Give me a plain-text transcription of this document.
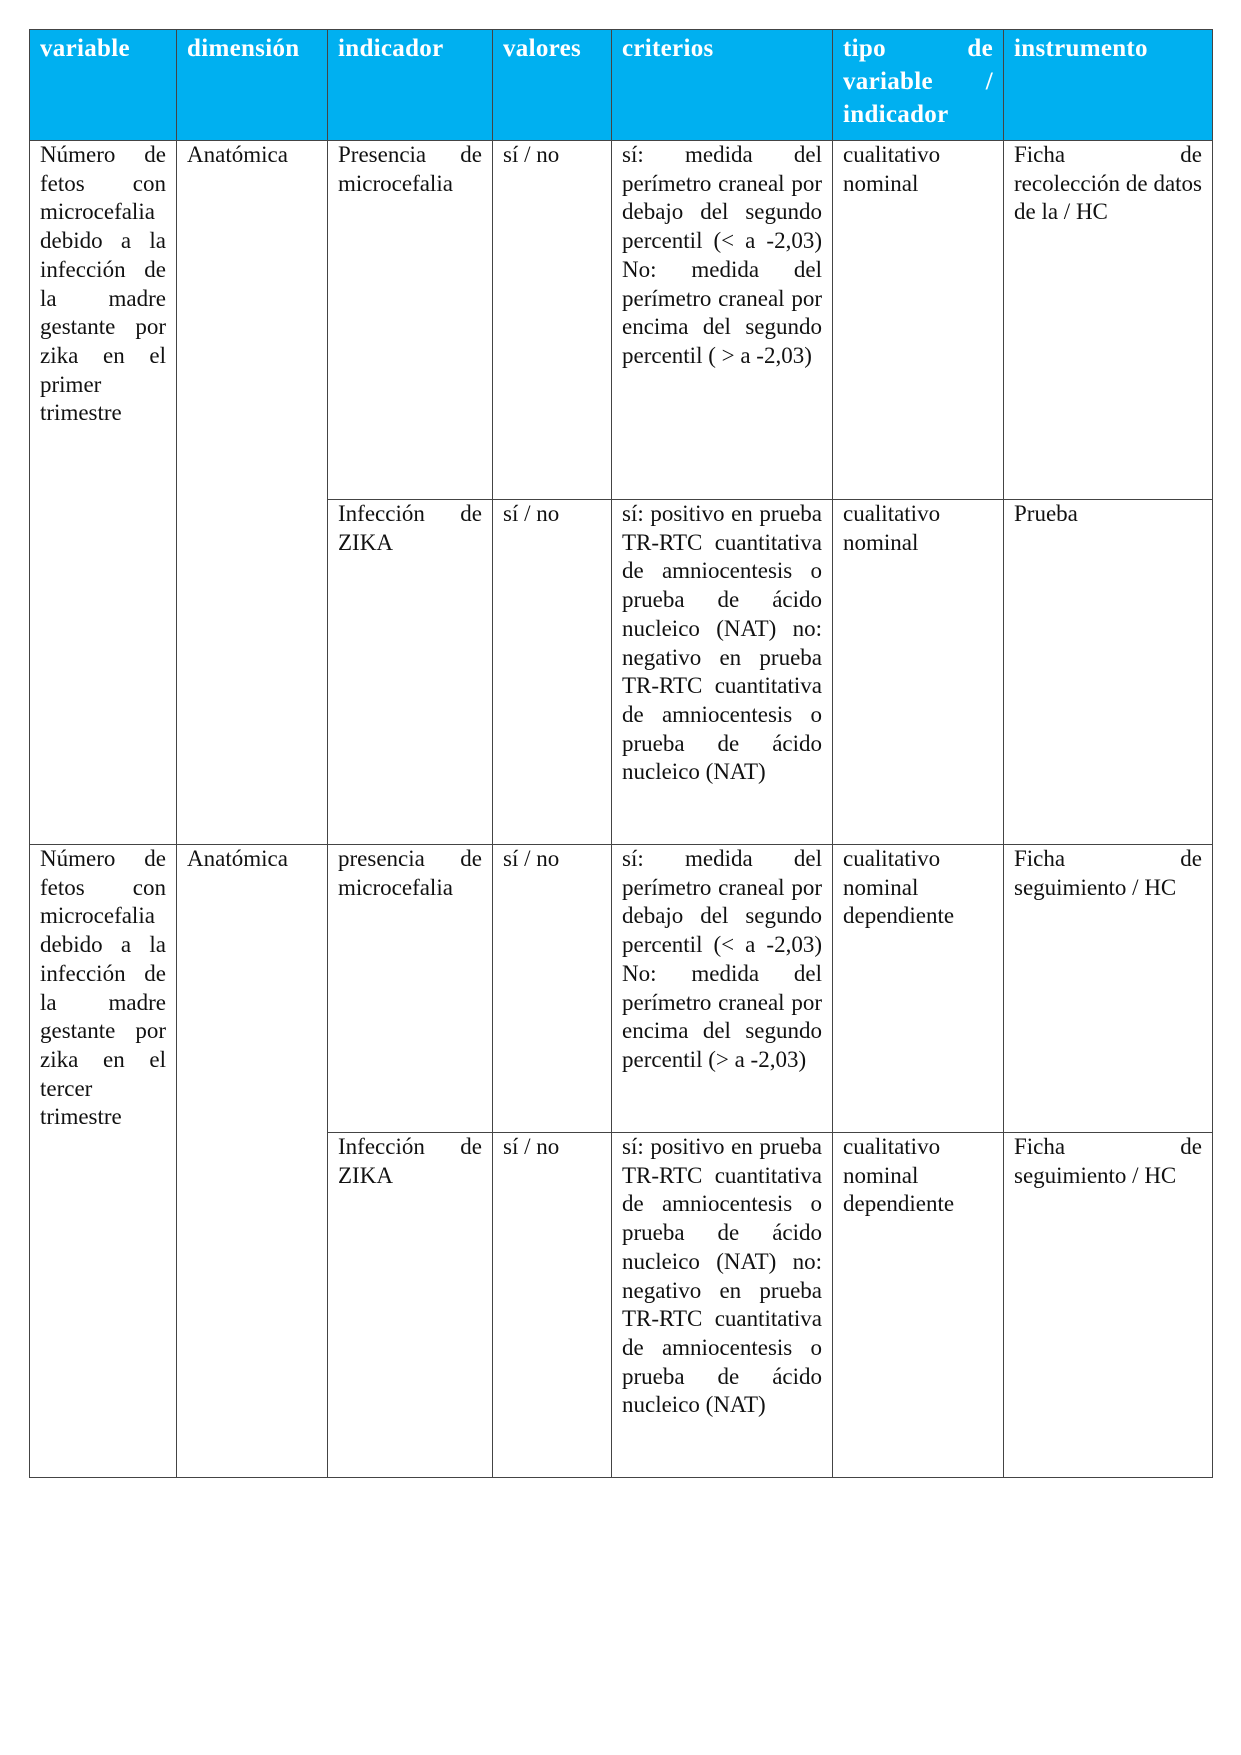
variable	dimensión	indicador	valores	criterios	tipo de variable / indicador	instrumento

Número de fetos con microcefalia debido a la infección de la madre gestante por zika en el primer trimestre	Anatómica	Presencia de microcefalia	sí / no	sí: medida del perímetro craneal por debajo del segundo percentil (< a -2,03) No: medida del perímetro craneal por encima del segundo percentil ( > a -2,03)	cualitativo nominal	Ficha de recolección de datos de la / HC

		Infección de ZIKA	sí / no	sí: positivo en prueba TR-RTC cuantitativa de amniocentesis o prueba de ácido nucleico (NAT) no: negativo en prueba TR-RTC cuantitativa de amniocentesis o prueba de ácido nucleico (NAT)	cualitativo nominal	Prueba

Número de fetos con microcefalia debido a la infección de la madre gestante por zika en el tercer trimestre	Anatómica	presencia de microcefalia	sí / no	sí: medida del perímetro craneal por debajo del segundo percentil (< a -2,03) No: medida del perímetro craneal por encima del segundo percentil (> a -2,03)	cualitativo nominal dependiente	Ficha de seguimiento / HC

		Infección de ZIKA	sí / no	sí: positivo en prueba TR-RTC cuantitativa de amniocentesis o prueba de ácido nucleico (NAT) no: negativo en prueba TR-RTC cuantitativa de amniocentesis o prueba de ácido nucleico (NAT)	cualitativo nominal dependiente	Ficha de seguimiento / HC
